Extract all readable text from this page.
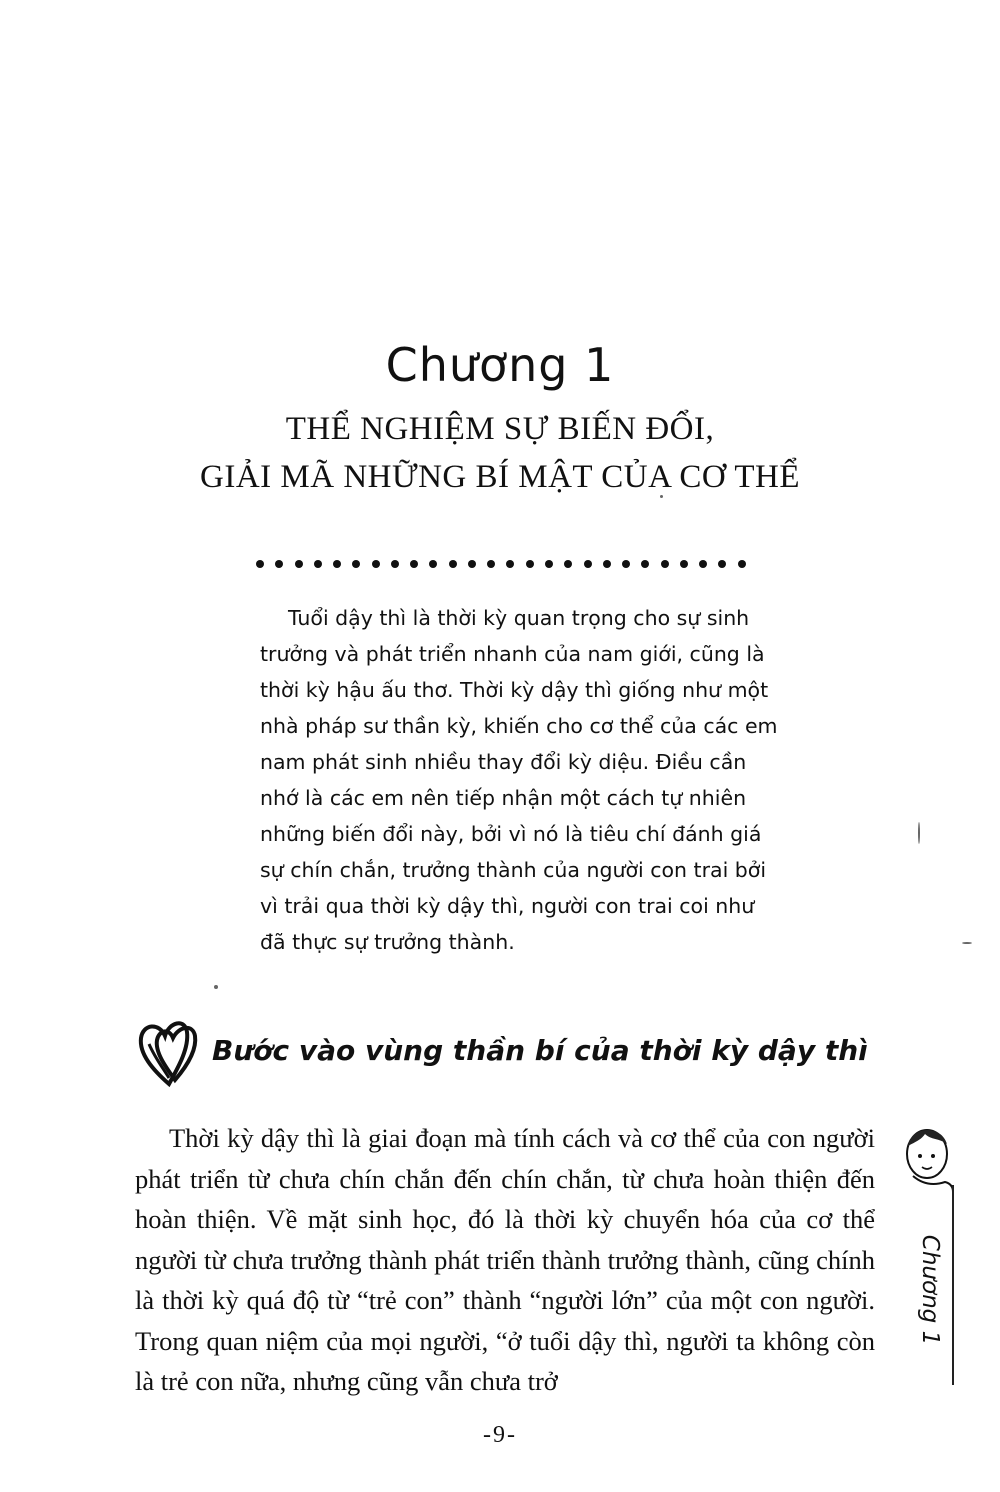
Chương 1
THỂ NGHIỆM SỰ BIẾN ĐỔI,
GIẢI MÃ NHỮNG BÍ MẬT CỦA CƠ THỂ

Tuổi dậy thì là thời kỳ quan trọng cho sự sinh trưởng và phát triển nhanh của nam giới, cũng là thời kỳ hậu ấu thơ. Thời kỳ dậy thì giống như một nhà pháp sư thần kỳ, khiến cho cơ thể của các em nam phát sinh nhiều thay đổi kỳ diệu. Điều cần nhớ là các em nên tiếp nhận một cách tự nhiên những biến đổi này, bởi vì nó là tiêu chí đánh giá sự chín chắn, trưởng thành của người con trai bởi vì trải qua thời kỳ dậy thì, người con trai coi như đã thực sự trưởng thành.

Bước vào vùng thần bí của thời kỳ dậy thì

Thời kỳ dậy thì là giai đoạn mà tính cách và cơ thể của con người phát triển từ chưa chín chắn đến chín chắn, từ chưa hoàn thiện đến hoàn thiện. Về mặt sinh học, đó là thời kỳ chuyển hóa của cơ thể người từ chưa trưởng thành phát triển thành trưởng thành, cũng chính là thời kỳ quá độ từ “trẻ con” thành “người lớn” của một con người. Trong quan niệm của mọi người, “ở tuổi dậy thì, người ta không còn là trẻ con nữa, nhưng cũng vẫn chưa trở

Chương 1
-9-
